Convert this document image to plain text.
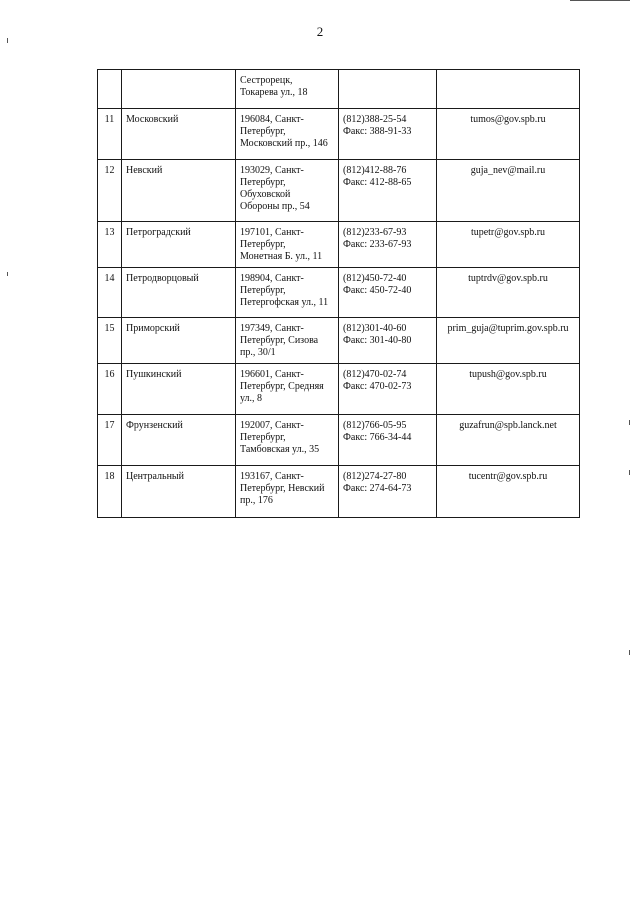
2

		Сестрорецк,
Токарева ул., 18		

11	Московский	196084, Санкт-
Петербург,
Московский пр., 146	(812)388-25-54
Факс: 388-91-33	tumos@gov.spb.ru
12	Невский	193029, Санкт-
Петербург,
Обуховской
Обороны пр., 54	(812)412-88-76
Факс: 412-88-65	guja_nev@mail.ru
13	Петроградский	197101, Санкт-
Петербург,
Монетная Б. ул., 11	(812)233-67-93
Факс: 233-67-93	tupetr@gov.spb.ru
14	Петродворцовый	198904, Санкт-
Петербург,
Петергофская ул., 11	(812)450-72-40
Факс: 450-72-40	tuptrdv@gov.spb.ru
15	Приморский	197349, Санкт-
Петербург, Сизова
пр., 30/1	(812)301-40-60
Факс: 301-40-80	prim_guja@tuprim.gov.spb.ru
16	Пушкинский	196601, Санкт-
Петербург, Средняя
ул., 8	(812)470-02-74
Факс: 470-02-73	tupush@gov.spb.ru
17	Фрунзенский	192007, Санкт-
Петербург,
Тамбовская ул., 35	(812)766-05-95
Факс: 766-34-44	guzafrun@spb.lanck.net
18	Центральный	193167, Санкт-
Петербург, Невский
пр., 176	(812)274-27-80
Факс: 274-64-73	tucentr@gov.spb.ru
